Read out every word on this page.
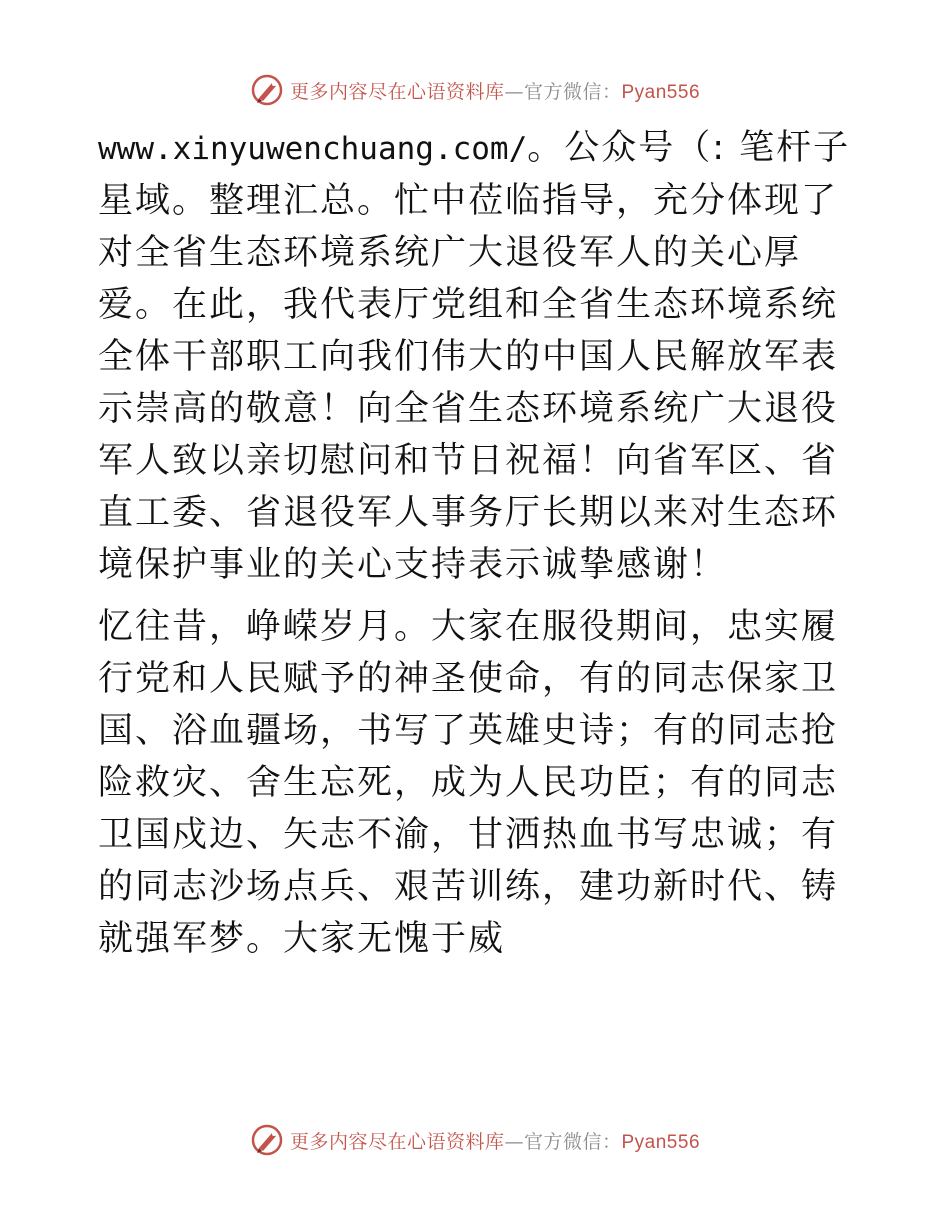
更多内容尽在心语资料库—官方微信：Pyan556

www.xinyuwenchuang.com/。公众号（: 笔杆子星域。整理汇总。忙中莅临指导，充分体现了对全省生态环境系统广大退役军人的关心厚爱。在此，我代表厅党组和全省生态环境系统全体干部职工向我们伟大的中国人民解放军表示崇高的敬意！向全省生态环境系统广大退役军人致以亲切慰问和节日祝福！向省军区、省直工委、省退役军人事务厅长期以来对生态环境保护事业的关心支持表示诚挚感谢！

忆往昔，峥嵘岁月。大家在服役期间，忠实履行党和人民赋予的神圣使命，有的同志保家卫国、浴血疆场，书写了英雄史诗；有的同志抢险救灾、舍生忘死，成为人民功臣；有的同志卫国戍边、矢志不渝，甘洒热血书写忠诚；有的同志沙场点兵、艰苦训练，建功新时代、铸就强军梦。大家无愧于威

更多内容尽在心语资料库—官方微信：Pyan556
